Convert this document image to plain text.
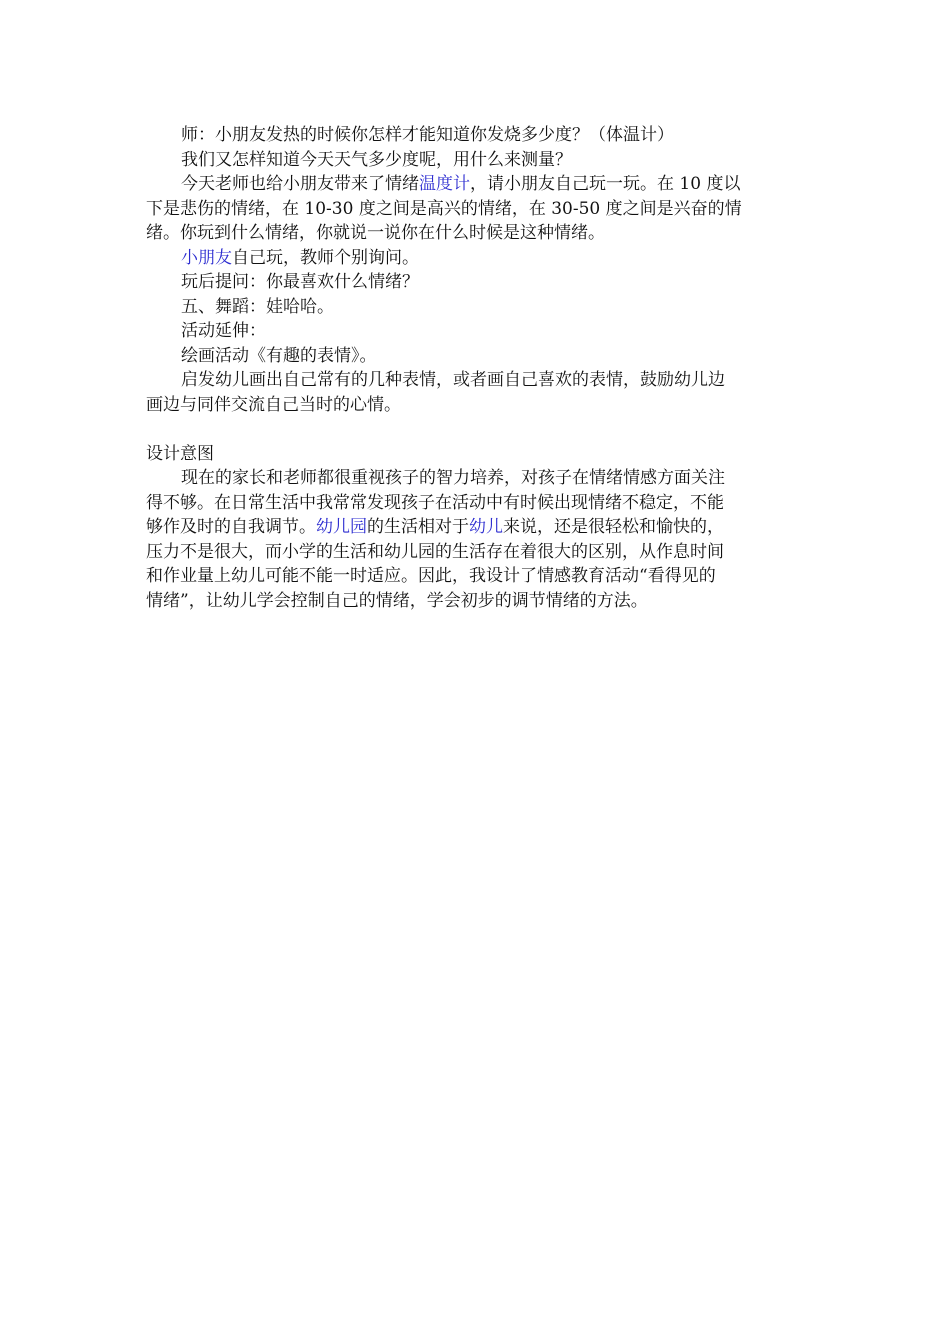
师：小朋友发热的时候你怎样才能知道你发烧多少度？（体温计）

我们又怎样知道今天天气多少度呢，用什么来测量？

今天老师也给小朋友带来了情绪温度计，请小朋友自己玩一玩。在 10 度以

下是悲伤的情绪，在 10-30 度之间是高兴的情绪，在 30-50 度之间是兴奋的情

绪。你玩到什么情绪，你就说一说你在什么时候是这种情绪。

小朋友自己玩，教师个别询问。

玩后提问：你最喜欢什么情绪？

五、舞蹈：娃哈哈。

活动延伸：

绘画活动《有趣的表情》。

启发幼儿画出自己常有的几种表情，或者画自己喜欢的表情，鼓励幼儿边

画边与同伴交流自己当时的心情。

设计意图

现在的家长和老师都很重视孩子的智力培养，对孩子在情绪情感方面关注

得不够。在日常生活中我常常发现孩子在活动中有时候出现情绪不稳定，不能

够作及时的自我调节。幼儿园的生活相对于幼儿来说，还是很轻松和愉快的，

压力不是很大，而小学的生活和幼儿园的生活存在着很大的区别，从作息时间

和作业量上幼儿可能不能一时适应。因此，我设计了情感教育活动“看得见的

情绪”，让幼儿学会控制自己的情绪，学会初步的调节情绪的方法。
